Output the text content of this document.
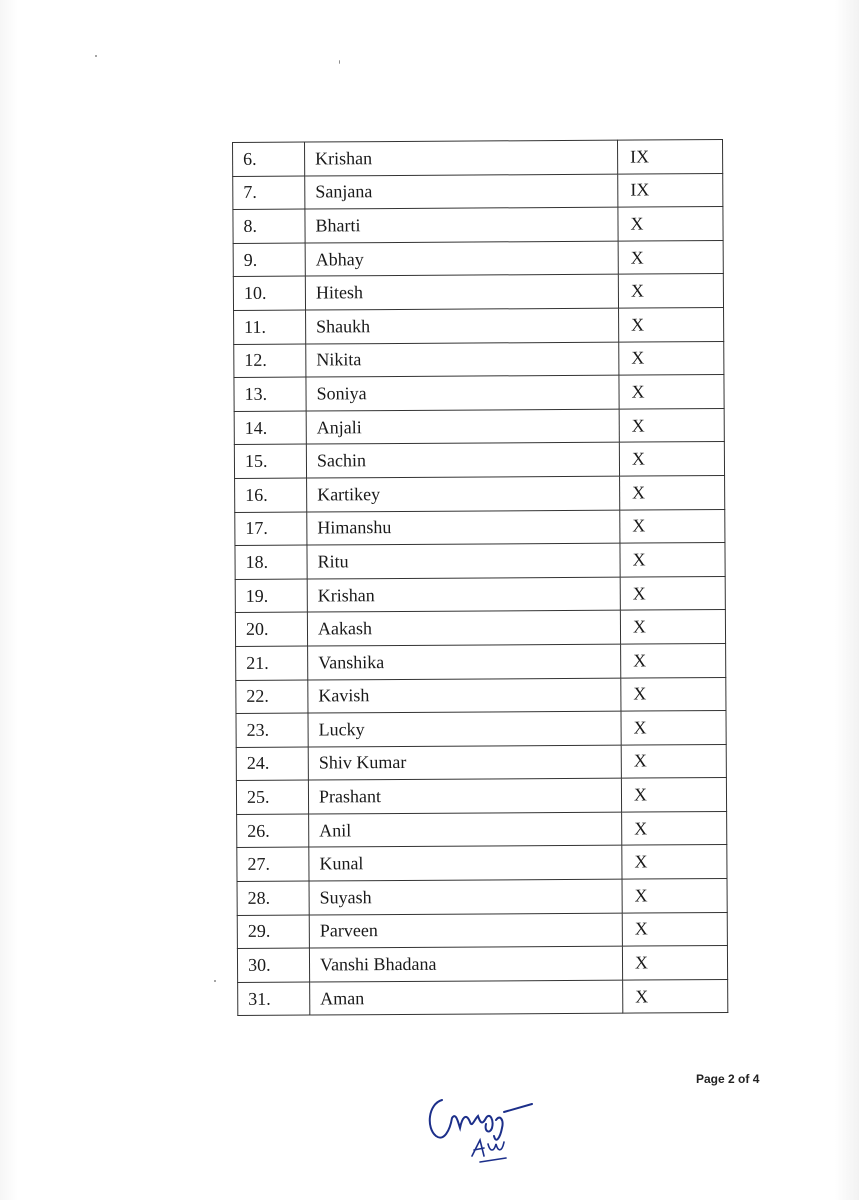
6.	Krishan	IX
7.	Sanjana	IX
8.	Bharti	X
9.	Abhay	X
10.	Hitesh	X
11.	Shaukh	X
12.	Nikita	X
13.	Soniya	X
14.	Anjali	X
15.	Sachin	X
16.	Kartikey	X
17.	Himanshu	X
18.	Ritu	X
19.	Krishan	X
20.	Aakash	X
21.	Vanshika	X
22.	Kavish	X
23.	Lucky	X
24.	Shiv Kumar	X
25.	Prashant	X
26.	Anil	X
27.	Kunal	X
28.	Suyash	X
29.	Parveen	X
30.	Vanshi Bhadana	X
31.	Aman	X
Page 2 of 4
